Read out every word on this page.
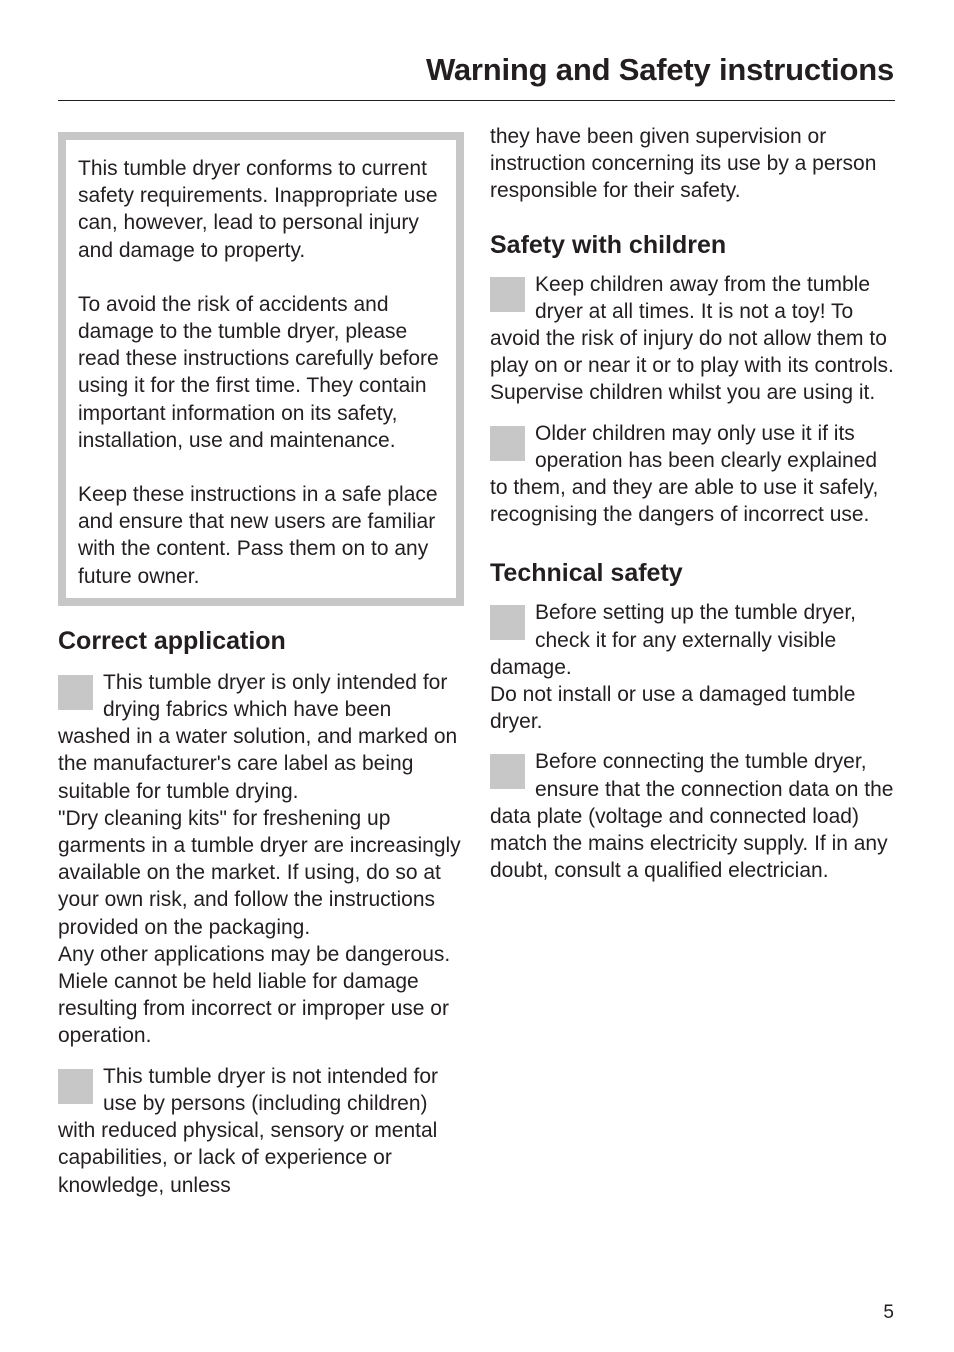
Warning and Safety instructions

This tumble dryer conforms to current safety requirements. Inappropriate use can, however, lead to personal injury and damage to property.

To avoid the risk of accidents and damage to the tumble dryer, please read these instructions carefully before using it for the first time. They contain important information on its safety, installation, use and maintenance.

Keep these instructions in a safe place and ensure that new users are familiar with the content. Pass them on to any future owner.

Correct application

This tumble dryer is only intended for drying fabrics which have been washed in a water solution, and marked on the manufacturer's care label as being suitable for tumble drying.

"Dry cleaning kits" for freshening up garments in a tumble dryer are increasingly available on the market. If using, do so at your own risk, and follow the instructions provided on the packaging.

Any other applications may be dangerous. Miele cannot be held liable for damage resulting from incorrect or improper use or operation.

This tumble dryer is not intended for use by persons (including children) with reduced physical, sensory or mental capabilities, or lack of experience or knowledge, unless

they have been given supervision or instruction concerning its use by a person responsible for their safety.

Safety with children

Keep children away from the tumble dryer at all times. It is not a toy! To avoid the risk of injury do not allow them to play on or near it or to play with its controls. Supervise children whilst you are using it.

Older children may only use it if its operation has been clearly explained to them, and they are able to use it safely, recognising the dangers of incorrect use.

Technical safety

Before setting up the tumble dryer, check it for any externally visible damage.

Do not install or use a damaged tumble dryer.

Before connecting the tumble dryer, ensure that the connection data on the data plate (voltage and connected load) match the mains electricity supply. If in any doubt, consult a qualified electrician.

5
